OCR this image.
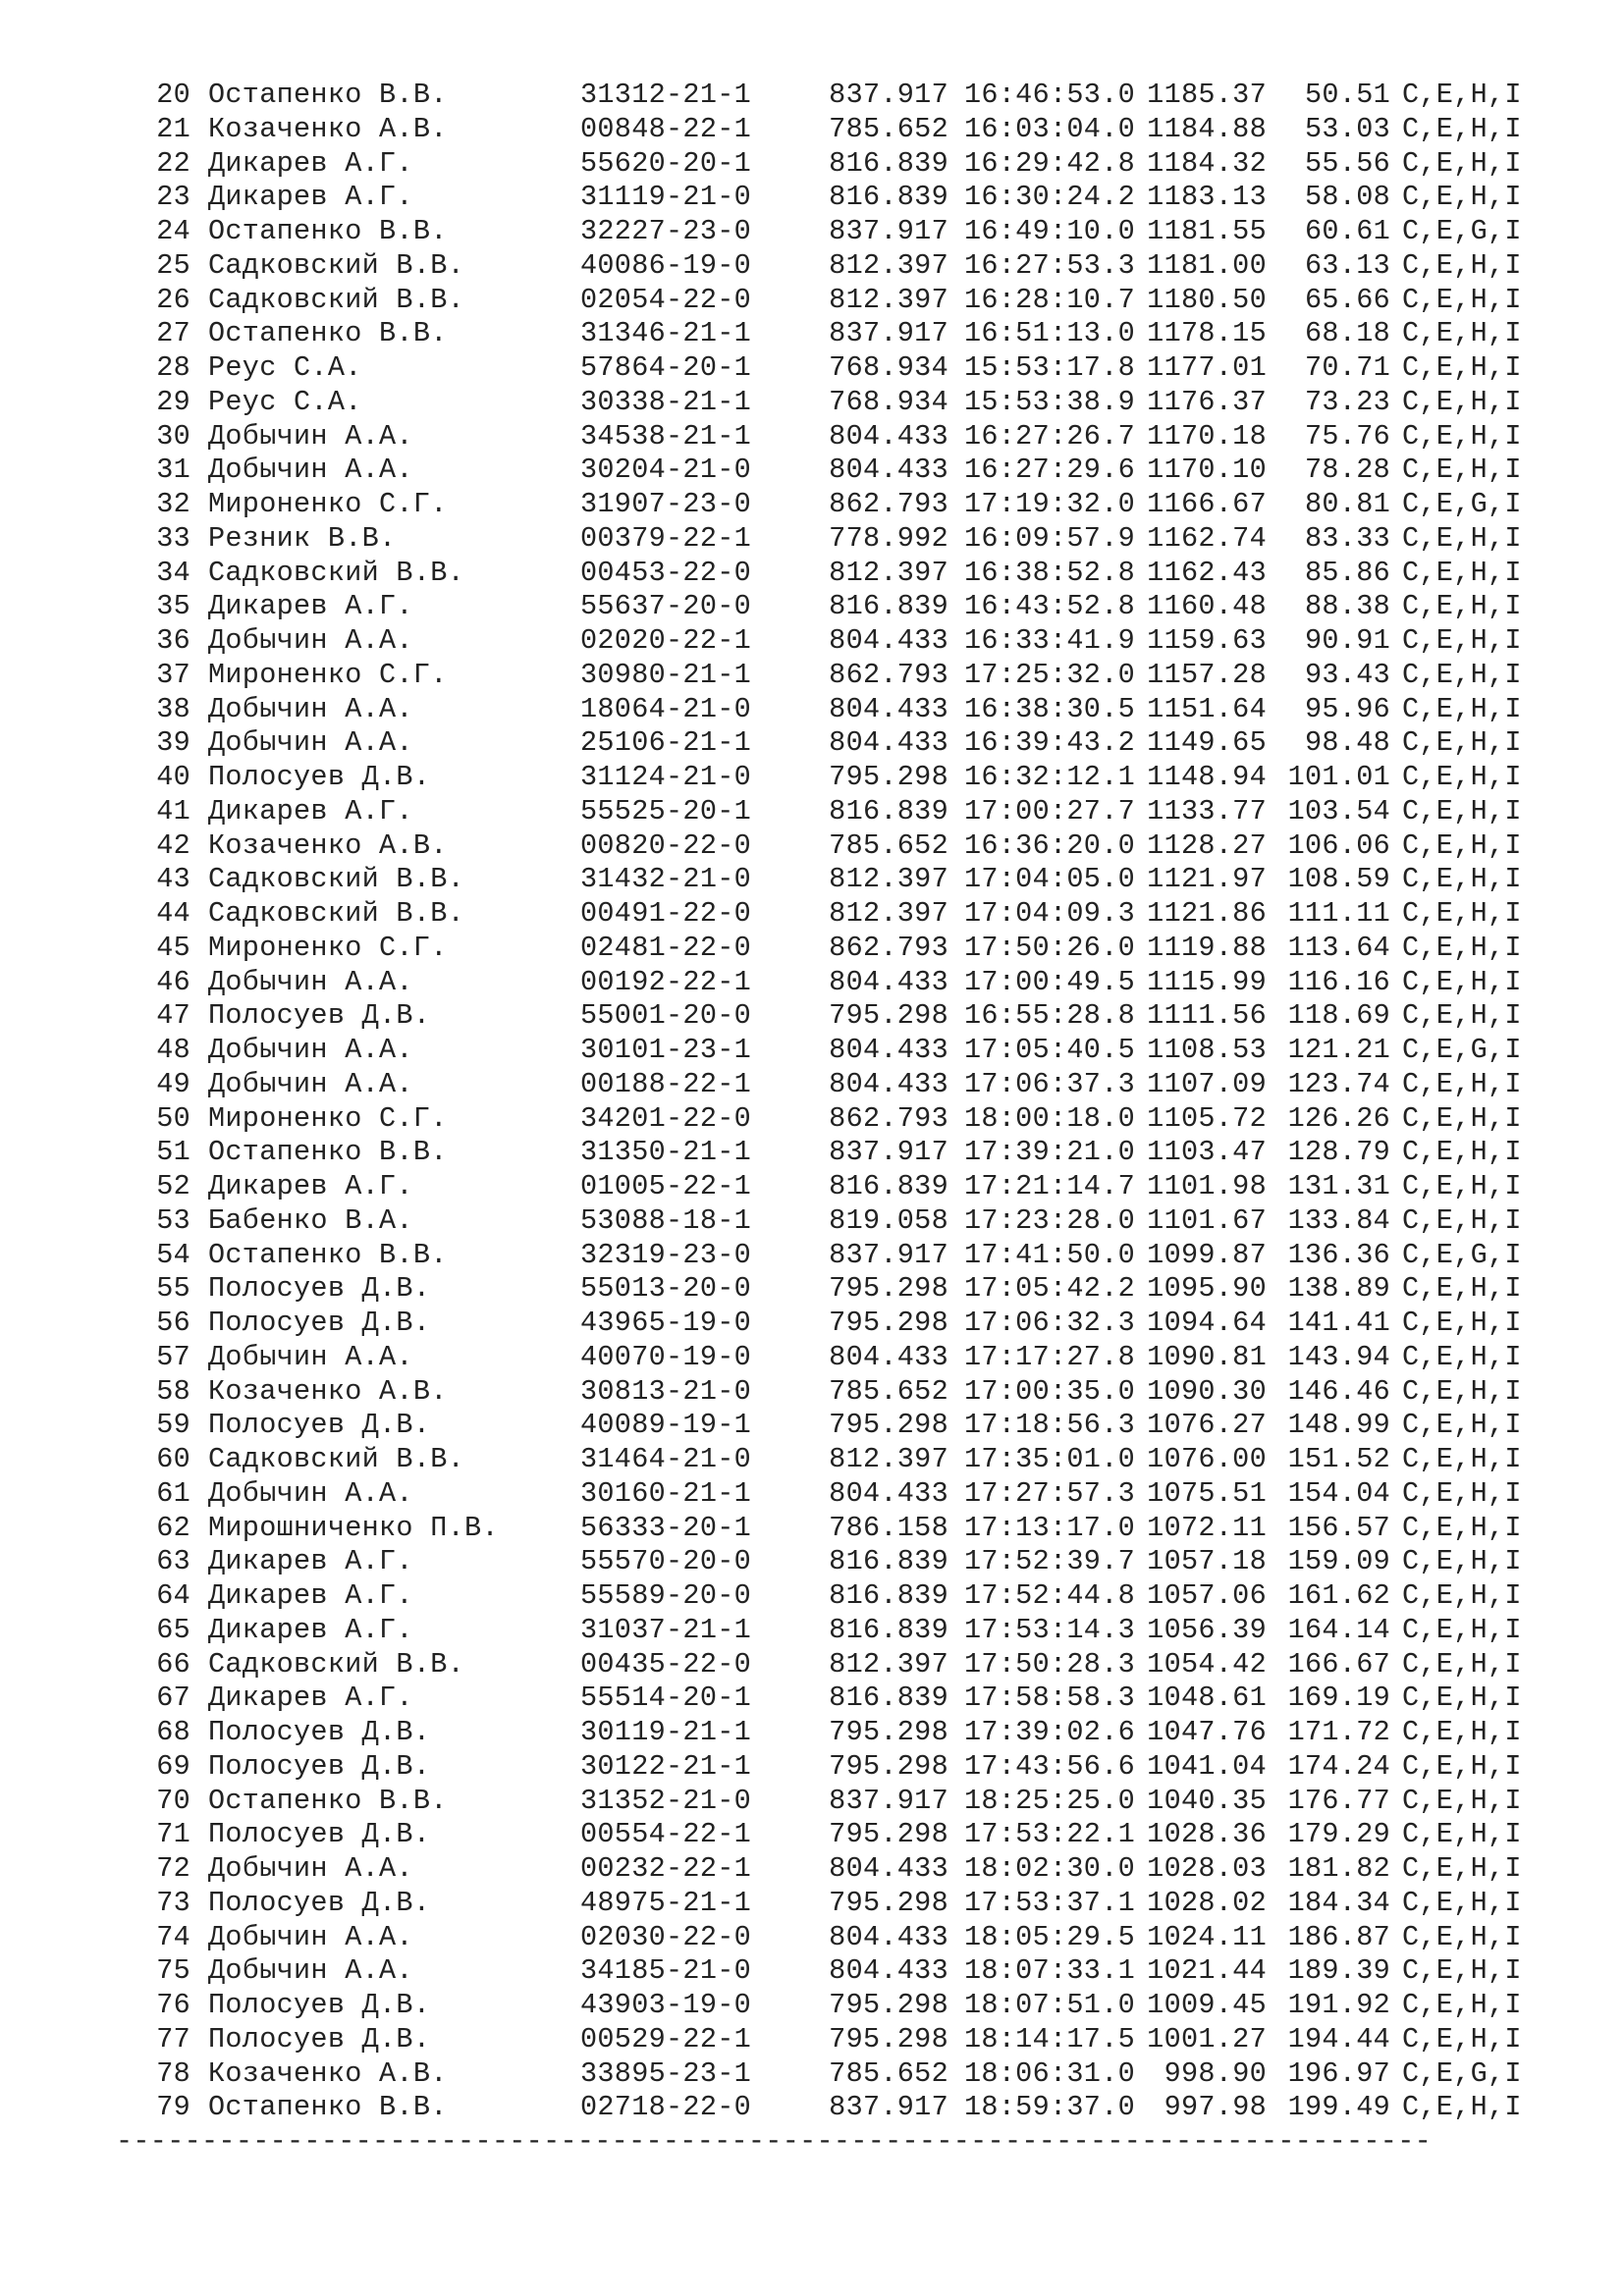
20 Остапенко В.В.	31312-21-1	837.917 16:46:53.0 1185.37 50.51 C,E,H,I
21 Козаченко А.В.	00848-22-1	785.652 16:03:04.0 1184.88 53.03 C,E,H,I
22 Дикарев А.Г.	55620-20-1	816.839 16:29:42.8 1184.32 55.56 C,E,H,I
23 Дикарев А.Г.	31119-21-0	816.839 16:30:24.2 1183.13 58.08 C,E,H,I
24 Остапенко В.В.	32227-23-0	837.917 16:49:10.0 1181.55 60.61 C,E,G,I
25 Садковский В.В.	40086-19-0	812.397 16:27:53.3 1181.00 63.13 C,E,H,I
26 Садковский В.В.	02054-22-0	812.397 16:28:10.7 1180.50 65.66 C,E,H,I
27 Остапенко В.В.	31346-21-1	837.917 16:51:13.0 1178.15 68.18 C,E,H,I
28 Реус С.А.	57864-20-1	768.934 15:53:17.8 1177.01 70.71 C,E,H,I
29 Реус С.А.	30338-21-1	768.934 15:53:38.9 1176.37 73.23 C,E,H,I
30 Добычин А.А.	34538-21-1	804.433 16:27:26.7 1170.18 75.76 C,E,H,I
31 Добычин А.А.	30204-21-0	804.433 16:27:29.6 1170.10 78.28 C,E,H,I
32 Мироненко С.Г.	31907-23-0	862.793 17:19:32.0 1166.67 80.81 C,E,G,I
33 Резник В.В.	00379-22-1	778.992 16:09:57.9 1162.74 83.33 C,E,H,I
34 Садковский В.В.	00453-22-0	812.397 16:38:52.8 1162.43 85.86 C,E,H,I
35 Дикарев А.Г.	55637-20-0	816.839 16:43:52.8 1160.48 88.38 C,E,H,I
36 Добычин А.А.	02020-22-1	804.433 16:33:41.9 1159.63 90.91 C,E,H,I
37 Мироненко С.Г.	30980-21-1	862.793 17:25:32.0 1157.28 93.43 C,E,H,I
38 Добычин А.А.	18064-21-0	804.433 16:38:30.5 1151.64 95.96 C,E,H,I
39 Добычин А.А.	25106-21-1	804.433 16:39:43.2 1149.65 98.48 C,E,H,I
40 Полосуев Д.В.	31124-21-0	795.298 16:32:12.1 1148.94 101.01 C,E,H,I
41 Дикарев А.Г.	55525-20-1	816.839 17:00:27.7 1133.77 103.54 C,E,H,I
42 Козаченко А.В.	00820-22-0	785.652 16:36:20.0 1128.27 106.06 C,E,H,I
43 Садковский В.В.	31432-21-0	812.397 17:04:05.0 1121.97 108.59 C,E,H,I
44 Садковский В.В.	00491-22-0	812.397 17:04:09.3 1121.86 111.11 C,E,H,I
45 Мироненко С.Г.	02481-22-0	862.793 17:50:26.0 1119.88 113.64 C,E,H,I
46 Добычин А.А.	00192-22-1	804.433 17:00:49.5 1115.99 116.16 C,E,H,I
47 Полосуев Д.В.	55001-20-0	795.298 16:55:28.8 1111.56 118.69 C,E,H,I
48 Добычин А.А.	30101-23-1	804.433 17:05:40.5 1108.53 121.21 C,E,G,I
49 Добычин А.А.	00188-22-1	804.433 17:06:37.3 1107.09 123.74 C,E,H,I
50 Мироненко С.Г.	34201-22-0	862.793 18:00:18.0 1105.72 126.26 C,E,H,I
51 Остапенко В.В.	31350-21-1	837.917 17:39:21.0 1103.47 128.79 C,E,H,I
52 Дикарев А.Г.	01005-22-1	816.839 17:21:14.7 1101.98 131.31 C,E,H,I
53 Бабенко В.А.	53088-18-1	819.058 17:23:28.0 1101.67 133.84 C,E,H,I
54 Остапенко В.В.	32319-23-0	837.917 17:41:50.0 1099.87 136.36 C,E,G,I
55 Полосуев Д.В.	55013-20-0	795.298 17:05:42.2 1095.90 138.89 C,E,H,I
56 Полосуев Д.В.	43965-19-0	795.298 17:06:32.3 1094.64 141.41 C,E,H,I
57 Добычин А.А.	40070-19-0	804.433 17:17:27.8 1090.81 143.94 C,E,H,I
58 Козаченко А.В.	30813-21-0	785.652 17:00:35.0 1090.30 146.46 C,E,H,I
59 Полосуев Д.В.	40089-19-1	795.298 17:18:56.3 1076.27 148.99 C,E,H,I
60 Садковский В.В.	31464-21-0	812.397 17:35:01.0 1076.00 151.52 C,E,H,I
61 Добычин А.А.	30160-21-1	804.433 17:27:57.3 1075.51 154.04 C,E,H,I
62 Мирошниченко П.В.	56333-20-1	786.158 17:13:17.0 1072.11 156.57 C,E,H,I
63 Дикарев А.Г.	55570-20-0	816.839 17:52:39.7 1057.18 159.09 C,E,H,I
64 Дикарев А.Г.	55589-20-0	816.839 17:52:44.8 1057.06 161.62 C,E,H,I
65 Дикарев А.Г.	31037-21-1	816.839 17:53:14.3 1056.39 164.14 C,E,H,I
66 Садковский В.В.	00435-22-0	812.397 17:50:28.3 1054.42 166.67 C,E,H,I
67 Дикарев А.Г.	55514-20-1	816.839 17:58:58.3 1048.61 169.19 C,E,H,I
68 Полосуев Д.В.	30119-21-1	795.298 17:39:02.6 1047.76 171.72 C,E,H,I
69 Полосуев Д.В.	30122-21-1	795.298 17:43:56.6 1041.04 174.24 C,E,H,I
70 Остапенко В.В.	31352-21-0	837.917 18:25:25.0 1040.35 176.77 C,E,H,I
71 Полосуев Д.В.	00554-22-1	795.298 17:53:22.1 1028.36 179.29 C,E,H,I
72 Добычин А.А.	00232-22-1	804.433 18:02:30.0 1028.03 181.82 C,E,H,I
73 Полосуев Д.В.	48975-21-1	795.298 17:53:37.1 1028.02 184.34 C,E,H,I
74 Добычин А.А.	02030-22-0	804.433 18:05:29.5 1024.11 186.87 C,E,H,I
75 Добычин А.А.	34185-21-0	804.433 18:07:33.1 1021.44 189.39 C,E,H,I
76 Полосуев Д.В.	43903-19-0	795.298 18:07:51.0 1009.45 191.92 C,E,H,I
77 Полосуев Д.В.	00529-22-1	795.298 18:14:17.5 1001.27 194.44 C,E,H,I
78 Козаченко А.В.	33895-23-1	785.652 18:06:31.0 998.90 196.97 C,E,G,I
79 Остапенко В.В.	02718-22-0	837.917 18:59:37.0 997.98 199.49 C,E,H,I
-----------------------------------------------------------------------------
